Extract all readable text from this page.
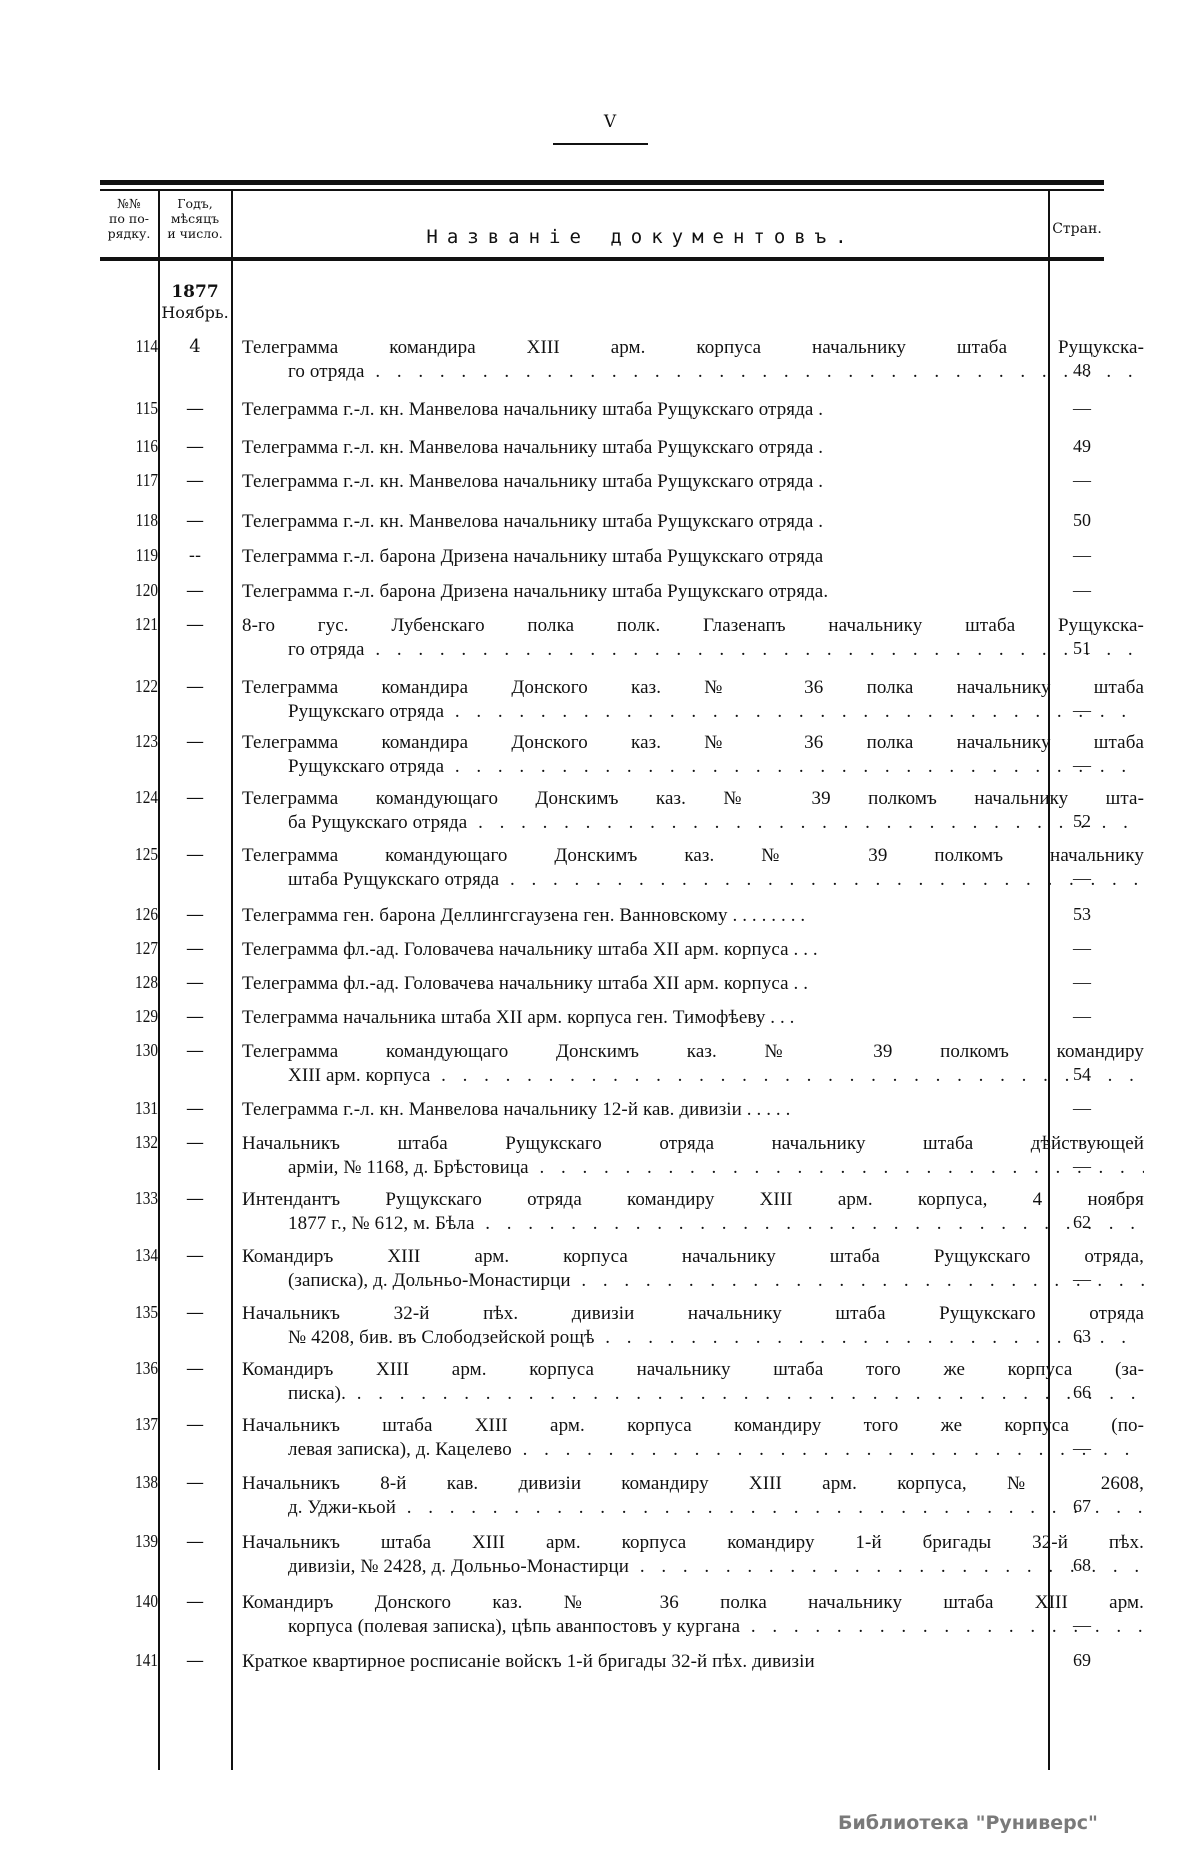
V
№№
по по-
рядку.
Годъ,
мѣсяцъ
и число.	Названіе документовъ.	Стран.
1877
Ноябрь.
114	4	Телеграмма командира XIII арм. корпуса начальнику штаба Рущукска-
го отряда . . .	48
115	—	Телеграмма г.-л. кн. Манвелова начальнику штаба Рущукскаго отряда .	—
116	—	Телеграмма г.-л. кн. Манвелова начальнику штаба Рущукскаго отряда .	49
117	—	Телеграмма г.-л. кн. Манвелова начальнику штаба Рущукскаго отряда .	—
118	—	Телеграмма г.-л. кн. Манвелова начальнику штаба Рущукскаго отряда .	50
119	--	Телеграмма г.-л. барона Дризена начальнику штаба Рущукскаго отряда	—
120	—	Телеграмма г.-л. барона Дризена начальнику штаба Рущукскаго отряда.	—
121	—	8-го гус. Лубенскаго полка полк. Глазенапъ начальнику штаба Рущукска-
го отряда . . .	51
122	—	Телеграмма командира Донского каз. № 36 полка начальнику штаба
Рущукскаго отряда . . .	—
123	—	Телеграмма командира Донского каз. № 36 полка начальнику штаба
Рущукскаго отряда . . .	—
124	—	Телеграмма командующаго Донскимъ каз. № 39 полкомъ начальнику шта-
ба Рущукскаго отряда . . .	52
125	—	Телеграмма командующаго Донскимъ каз. № 39 полкомъ начальнику
штаба Рущукскаго отряда . . .	—
126	—	Телеграмма ген. барона Деллингсгаузена ген. Ванновскому . . . . . . . .	53
127	—	Телеграмма фл.-ад. Головачева начальнику штаба XII арм. корпуса . . .	—
128	—	Телеграмма фл.-ад. Головачева начальнику штаба XII арм. корпуса . .	—
129	—	Телеграмма начальника штаба XII арм. корпуса ген. Тимофѣеву . . .	—
130	—	Телеграмма командующаго Донскимъ каз. № 39 полкомъ командиру
XIII арм. корпуса . . .	54
131	—	Телеграмма г.-л. кн. Манвелова начальнику 12-й кав. дивизіи . . . . .	—
132	—	Начальникъ штаба Рущукскаго отряда начальнику штаба дѣйствующей
арміи, № 1168, д. Брѣстовица . . .	—
133	—	Интендантъ Рущукскаго отряда командиру XIII арм. корпуса, 4 ноября
1877 г., № 612, м. Бѣла . . .	62
134	—	Командиръ XIII арм. корпуса начальнику штаба Рущукскаго отряда,
(записка), д. Дольньо-Монастирци . . .	—
135	—	Начальникъ 32-й пѣх. дивизіи начальнику штаба Рущукскаго отряда
№ 4208, бив. въ Слободзейской рощѣ . . .	63
136	—	Командиръ XIII арм. корпуса начальнику штаба того же корпуса (за-
писка). . . .	66
137	—	Начальникъ штаба XIII арм. корпуса командиру того же корпуса (по-
левая записка), д. Кацелево . . .	—
138	—	Начальникъ 8-й кав. дивизіи командиру XIII арм. корпуса, № 2608,
д. Уджи-кьой . . .	67
139	—	Начальникъ штаба XIII арм. корпуса командиру 1-й бригады 32-й пѣх.
дивизіи, № 2428, д. Дольньо-Монастирци . . .	68
140	—	Командиръ Донского каз. № 36 полка начальнику штаба XIII арм.
корпуса (полевая записка), цѣпь аванпостовъ у кургана . . .	—
141	—	Краткое квартирное росписаніе войскъ 1-й бригады 32-й пѣх. дивизіи	69
Библиотека "Руниверс"
